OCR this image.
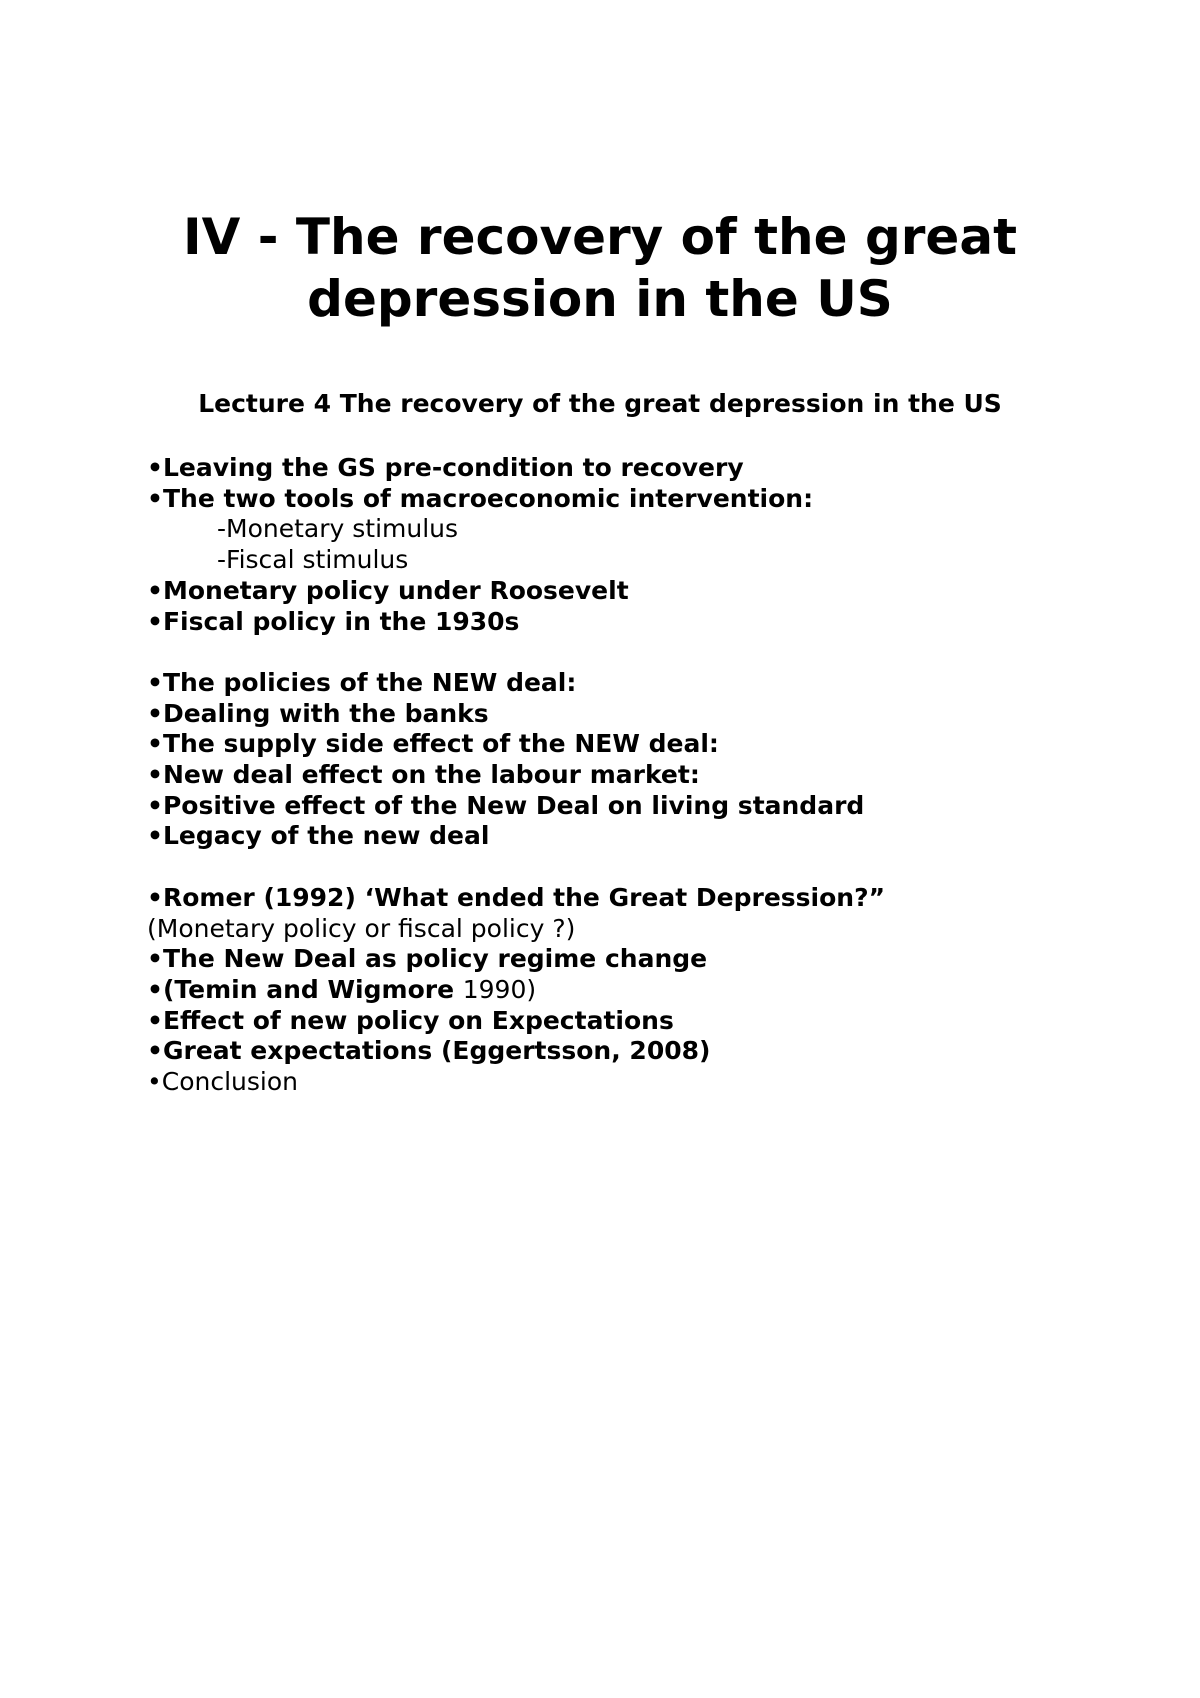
IV - The recovery of the great
depression in the US

Lecture 4 The recovery of the great depression in the US

•Leaving the GS pre-condition to recovery
•The two tools of macroeconomic intervention:
-Monetary stimulus
-Fiscal stimulus
•Monetary policy under Roosevelt
•Fiscal policy in the 1930s
•The policies of the NEW deal:
•Dealing with the banks
•The supply side effect of the NEW deal:
•New deal effect on the labour market:
•Positive effect of the New Deal on living standard
•Legacy of the new deal
•Romer (1992) ‘What ended the Great Depression?”
(Monetary policy or fiscal policy ?)
•The New Deal as policy regime change
•(Temin and Wigmore 1990)
•Effect of new policy on Expectations
•Great expectations (Eggertsson, 2008)
•Conclusion
